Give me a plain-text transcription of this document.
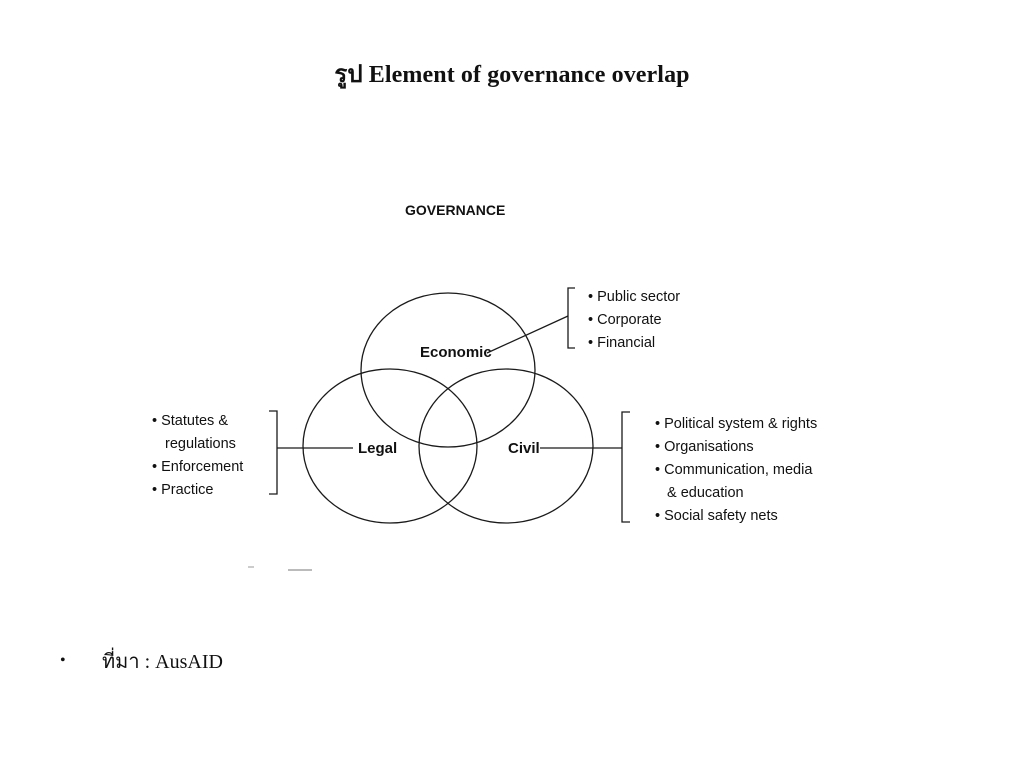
รูป Element of governance overlap
GOVERNANCE
Economic
Legal	Civil
• Public sector
• Corporate
• Financial
• Statutes &
regulations
• Enforcement
• Practice
• Political system & rights
• Organisations
• Communication, media
& education
• Social safety nets
•	ที่มา : AusAID
